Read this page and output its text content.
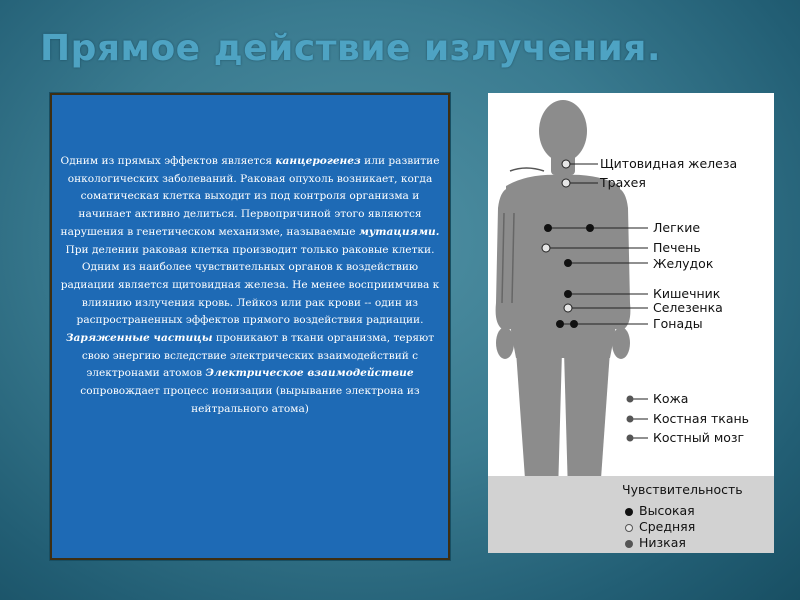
Прямое действие излучения.

Одним из прямых эффектов является канцерогенез или развитие онкологических заболеваний. Раковая опухоль возникает, когда соматическая клетка выходит из под контроля организма и начинает активно делиться. Первопричиной этого являются нарушения в генетическом механизме, называемые мутациями. При делении раковая клетка производит только раковые клетки. Одним из наиболее чувствительных органов к воздействию радиации является щитовидная железа. Не менее восприимчива к влиянию излучения кровь. Лейкоз или рак крови -- один из распространенных эффектов прямого воздействия радиации. Заряженные частицы проникают в ткани организма, теряют свою энергию вследствие электрических взаимодействий с электронами атомов Электрическое взаимодействие сопровождает процесс ионизации (вырывание электрона из нейтрального атома)

Щитовидная железа
Трахея
Легкие
Печень
Желудок
Кишечник
Селезенка
Гонады
Кожа
Костная ткань
Костный мозг
Чувствительность
Высокая
Средняя
Низкая
